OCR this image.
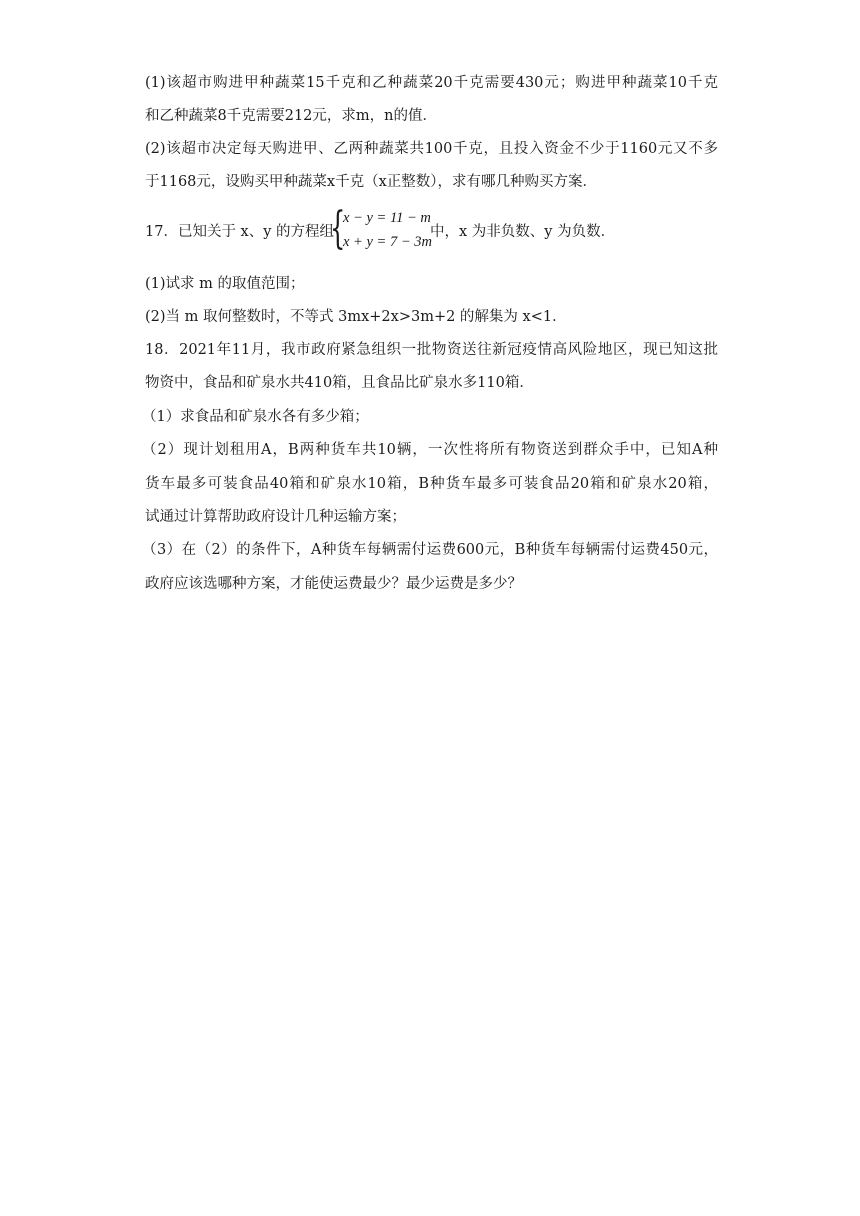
(1)该超市购进甲种蔬菜15千克和乙种蔬菜20千克需要430元；购进甲种蔬菜10千克
和乙种蔬菜8千克需要212元，求m，n的值．
(2)该超市决定每天购进甲、乙两种蔬菜共100千克，且投入资金不少于1160元又不多
于1168元，设购买甲种蔬菜x千克（x正整数），求有哪几种购买方案．
17．已知关于 x、y 的方程组
{
x − y = 11 − m
x + y = 7 − 3m
中，x 为非负数、y 为负数．
(1)试求 m 的取值范围；
(2)当 m 取何整数时，不等式 3mx+2x>3m+2 的解集为 x<1．
18．2021年11月，我市政府紧急组织一批物资送往新冠疫情高风险地区，现已知这批
物资中，食品和矿泉水共410箱，且食品比矿泉水多110箱．
（1）求食品和矿泉水各有多少箱；
（2）现计划租用A，B两种货车共10辆，一次性将所有物资送到群众手中，已知A种
货车最多可装食品40箱和矿泉水10箱，B种货车最多可装食品20箱和矿泉水20箱，
试通过计算帮助政府设计几种运输方案；
（3）在（2）的条件下，A种货车每辆需付运费600元，B种货车每辆需付运费450元，
政府应该选哪种方案，才能使运费最少？最少运费是多少？
